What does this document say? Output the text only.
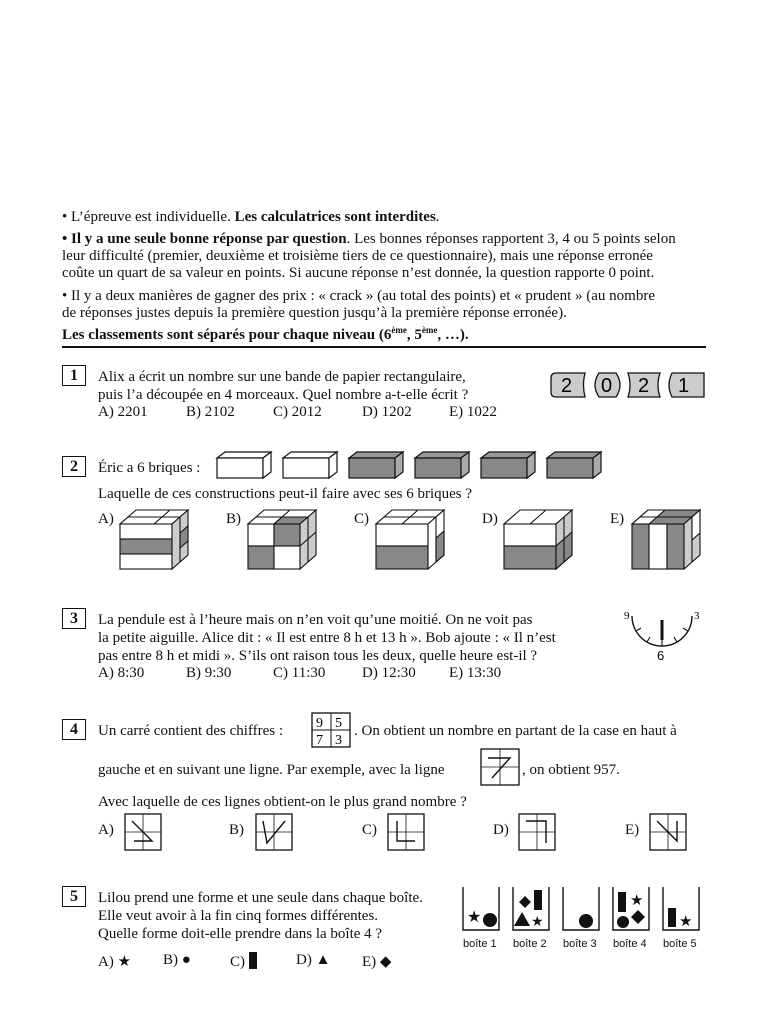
• L’épreuve est individuelle. Les calculatrices sont interdites.
• Il y a une seule bonne réponse par question. Les bonnes réponses rapportent 3, 4 ou 5 points selon
leur difficulté (premier, deuxième et troisième tiers de ce questionnaire), mais une réponse erronée
coûte un quart de sa valeur en points. Si aucune réponse n’est donnée, la question rapporte 0 point.
• Il y a deux manières de gagner des prix : « crack » (au total des points) et « prudent » (au nombre
de réponses justes depuis la première question jusqu’à la première réponse erronée).
Les classements sont séparés pour chaque niveau (6ème, 5ème, …).
1	Alix a écrit un nombre sur une bande de papier rectangulaire,
puis l’a découpée en 4 morceaux. Quel nombre a-t-elle écrit ?
A) 2201	B) 2102	C) 2012	D) 1202 E) 1022
2 0 2 1
2	Éric a 6 briques :
Laquelle de ces constructions peut-il faire avec ses 6 briques ?
A)	B)	C)	D)	E)
3	La pendule est à l’heure mais on n’en voit qu’une moitié. On ne voit pas
la petite aiguille. Alice dit : « Il est entre 8 h et 13 h ». Bob ajoute : « Il n’est
pas entre 8 h et midi ». S’ils ont raison tous les deux, quelle heure est-il ?
A) 8:30	B) 9:30	C) 11:30 D) 12:30 E) 13:30
9	3
6
4	Un carré contient des chiffres : 9 5
7 3
. On obtient un nombre en partant de la case en haut à
gauche et en suivant une ligne. Par exemple, avec la ligne	, on obtient 957.
Avec laquelle de ces lignes obtient-on le plus grand nombre ?
A)	B)	C)	D)	E)
5	Lilou prend une forme et une seule dans chaque boîte.
Elle veut avoir à la fin cinq formes différentes.
Quelle forme doit-elle prendre dans la boîte 4 ?
A) ★ B) ●	C)	D) ▲ E) ◆
★	★
★
★
boîte 1 boîte 2 boîte 3 boîte 4 boîte 5
